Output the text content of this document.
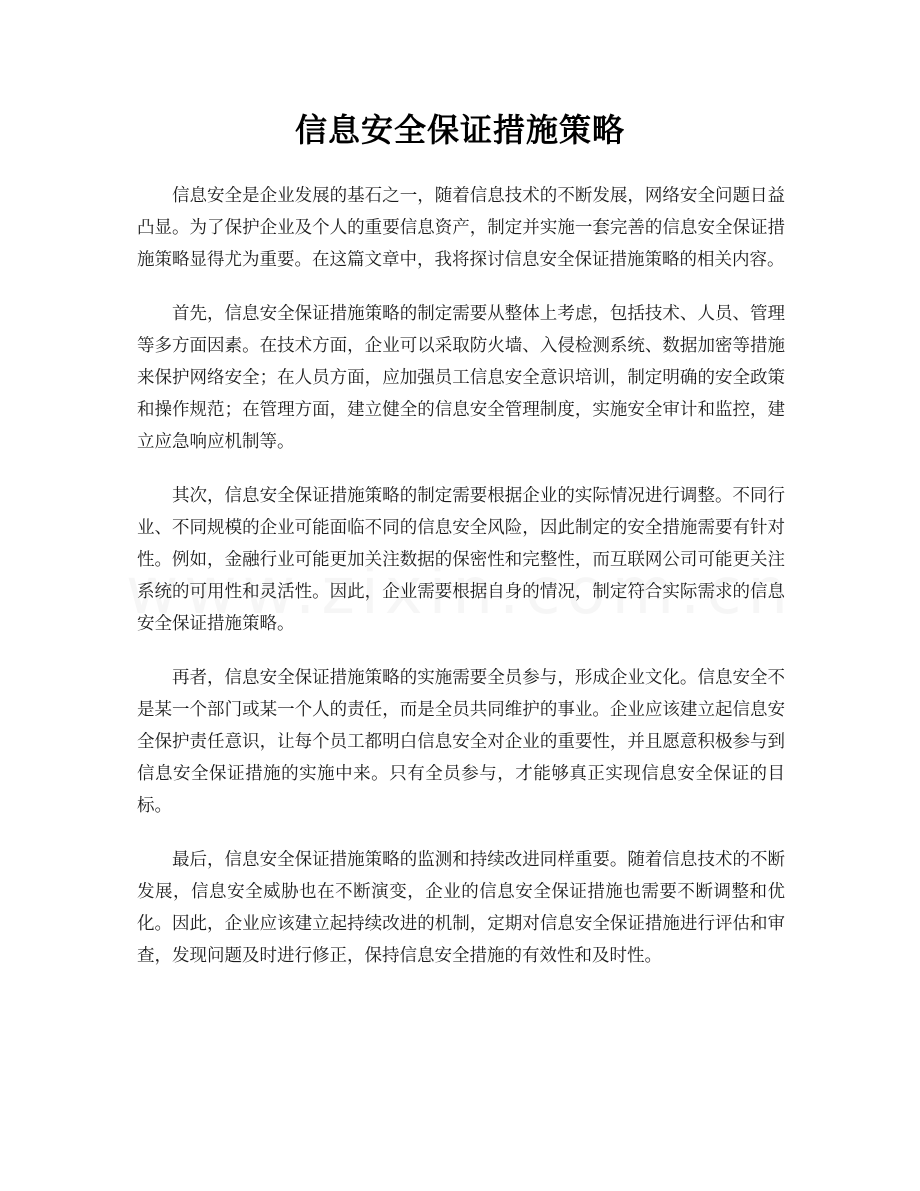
信息安全保证措施策略

信息安全是企业发展的基石之一，随着信息技术的不断发展，网络安全问题日益凸显。为了保护企业及个人的重要信息资产，制定并实施一套完善的信息安全保证措施策略显得尤为重要。在这篇文章中，我将探讨信息安全保证措施策略的相关内容。

首先，信息安全保证措施策略的制定需要从整体上考虑，包括技术、人员、管理等多方面因素。在技术方面，企业可以采取防火墙、入侵检测系统、数据加密等措施来保护网络安全；在人员方面，应加强员工信息安全意识培训，制定明确的安全政策和操作规范；在管理方面，建立健全的信息安全管理制度，实施安全审计和监控，建立应急响应机制等。

其次，信息安全保证措施策略的制定需要根据企业的实际情况进行调整。不同行业、不同规模的企业可能面临不同的信息安全风险，因此制定的安全措施需要有针对性。例如，金融行业可能更加关注数据的保密性和完整性，而互联网公司可能更关注系统的可用性和灵活性。因此，企业需要根据自身的情况，制定符合实际需求的信息安全保证措施策略。

再者，信息安全保证措施策略的实施需要全员参与，形成企业文化。信息安全不是某一个部门或某一个人的责任，而是全员共同维护的事业。企业应该建立起信息安全保护责任意识，让每个员工都明白信息安全对企业的重要性，并且愿意积极参与到信息安全保证措施的实施中来。只有全员参与，才能够真正实现信息安全保证的目标。

最后，信息安全保证措施策略的监测和持续改进同样重要。随着信息技术的不断发展，信息安全威胁也在不断演变，企业的信息安全保证措施也需要不断调整和优化。因此，企业应该建立起持续改进的机制，定期对信息安全保证措施进行评估和审查，发现问题及时进行修正，保持信息安全措施的有效性和及时性。
